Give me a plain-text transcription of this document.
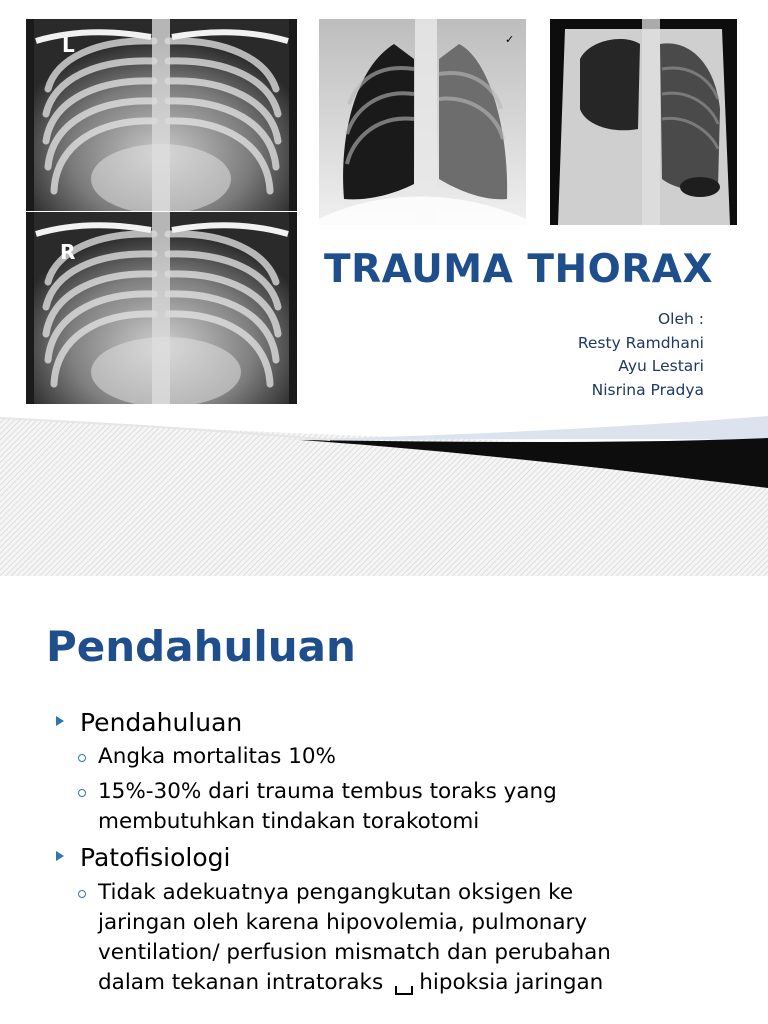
L
R
✓
TRAUMA THORAX
Oleh :
Resty Ramdhani
Ayu Lestari
Nisrina Pradya
Pendahuluan
Pendahuluan
Angka mortalitas 10%
15%-30% dari trauma tembus toraks yang
membutuhkan tindakan torakotomi
Patofisiologi
Tidak adekuatnya pengangkutan oksigen ke
jaringan oleh karena hipovolemia, pulmonary
ventilation/ perfusion mismatch dan perubahan
dalam tekanan intratoraks hipoksia jaringan
